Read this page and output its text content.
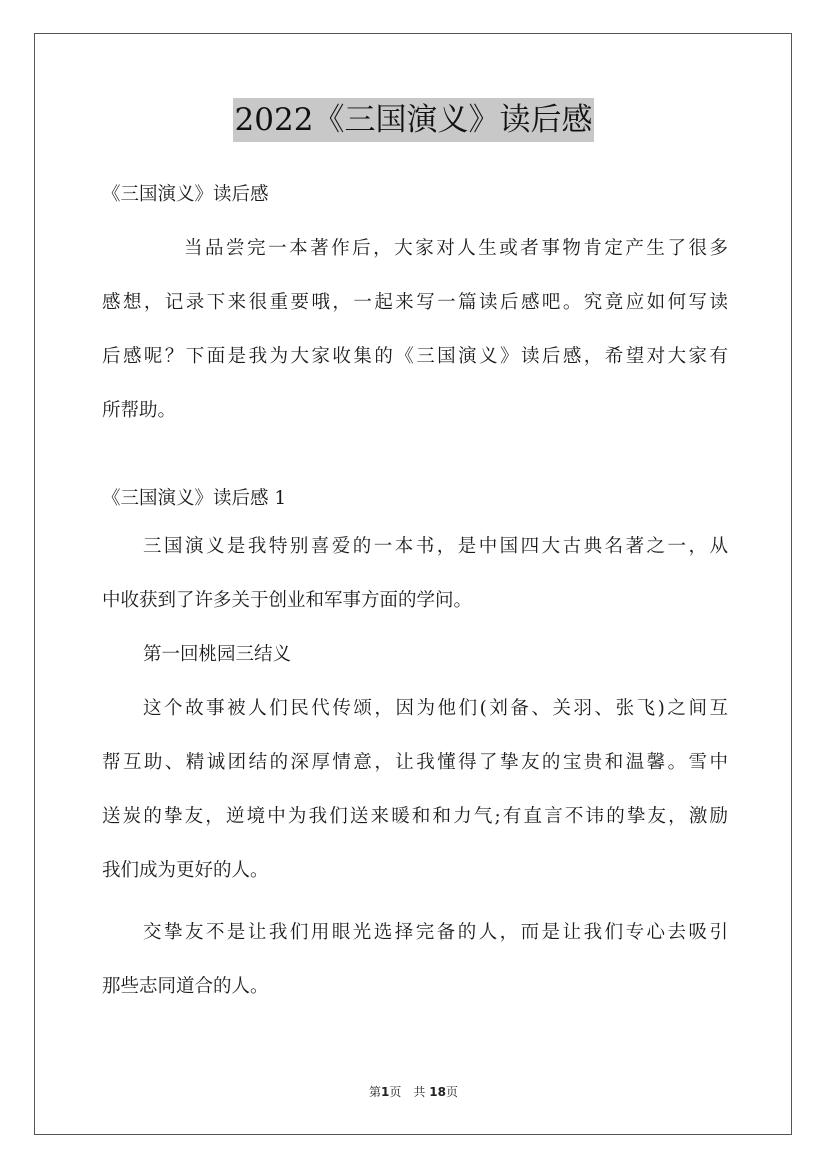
2022《三国演义》读后感
《三国演义》读后感
当品尝完一本著作后，大家对人生或者事物肯定产生了很多
感想，记录下来很重要哦，一起来写一篇读后感吧。究竟应如何写读
后感呢？下面是我为大家收集的《三国演义》读后感，希望对大家有
所帮助。
《三国演义》读后感 1
三国演义是我特别喜爱的一本书，是中国四大古典名著之一，从
中收获到了许多关于创业和军事方面的学问。
第一回桃园三结义
这个故事被人们民代传颂，因为他们(刘备、关羽、张飞)之间互
帮互助、精诚团结的深厚情意，让我懂得了挚友的宝贵和温馨。雪中
送炭的挚友，逆境中为我们送来暖和和力气;有直言不讳的挚友，激励
我们成为更好的人。
交挚友不是让我们用眼光选择完备的人，而是让我们专心去吸引
那些志同道合的人。
第1页 共 18页
